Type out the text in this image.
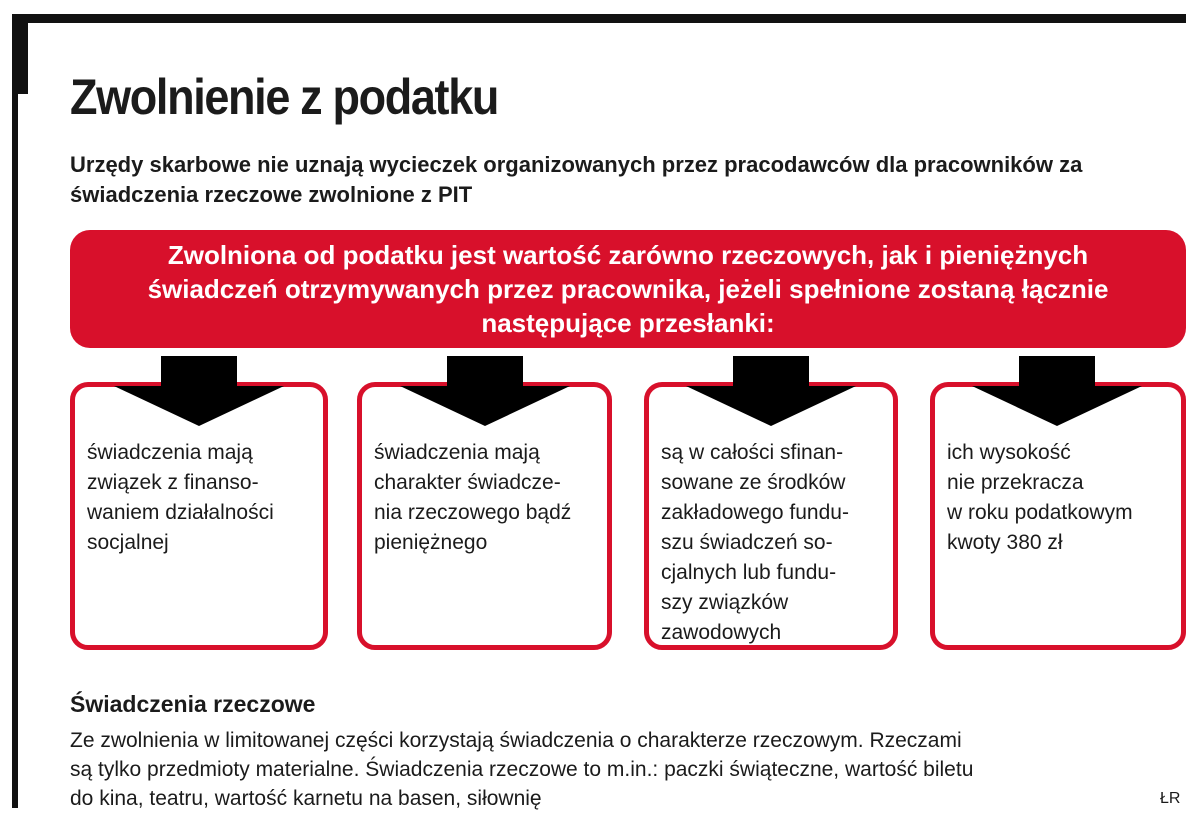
Zwolnienie z podatku

Urzędy skarbowe nie uznają wycieczek organizowanych przez pracodawców dla pracowników za świadczenia rzeczowe zwolnione z PIT

Zwolniona od podatku jest wartość zarówno rzeczowych, jak i pieniężnych świadczeń otrzymywanych przez pracownika, jeżeli spełnione zostaną łącznie następujące przesłanki:

świadczenia mają
związek z finanso-
waniem działalności
socjalnej

świadczenia mają
charakter świadcze-
nia rzeczowego bądź
pieniężnego

są w całości sfinan-
sowane ze środków
zakładowego fundu-
szu świadczeń so-
cjalnych lub fundu-
szy związków
zawodowych

ich wysokość
nie przekracza
w roku podatkowym
kwoty 380 zł

Świadczenia rzeczowe

Ze zwolnienia w limitowanej części korzystają świadczenia o charakterze rzeczowym. Rzeczami
są tylko przedmioty materialne. Świadczenia rzeczowe to m.in.: paczki świąteczne, wartość biletu
do kina, teatru, wartość karnetu na basen, siłownię	ŁR
